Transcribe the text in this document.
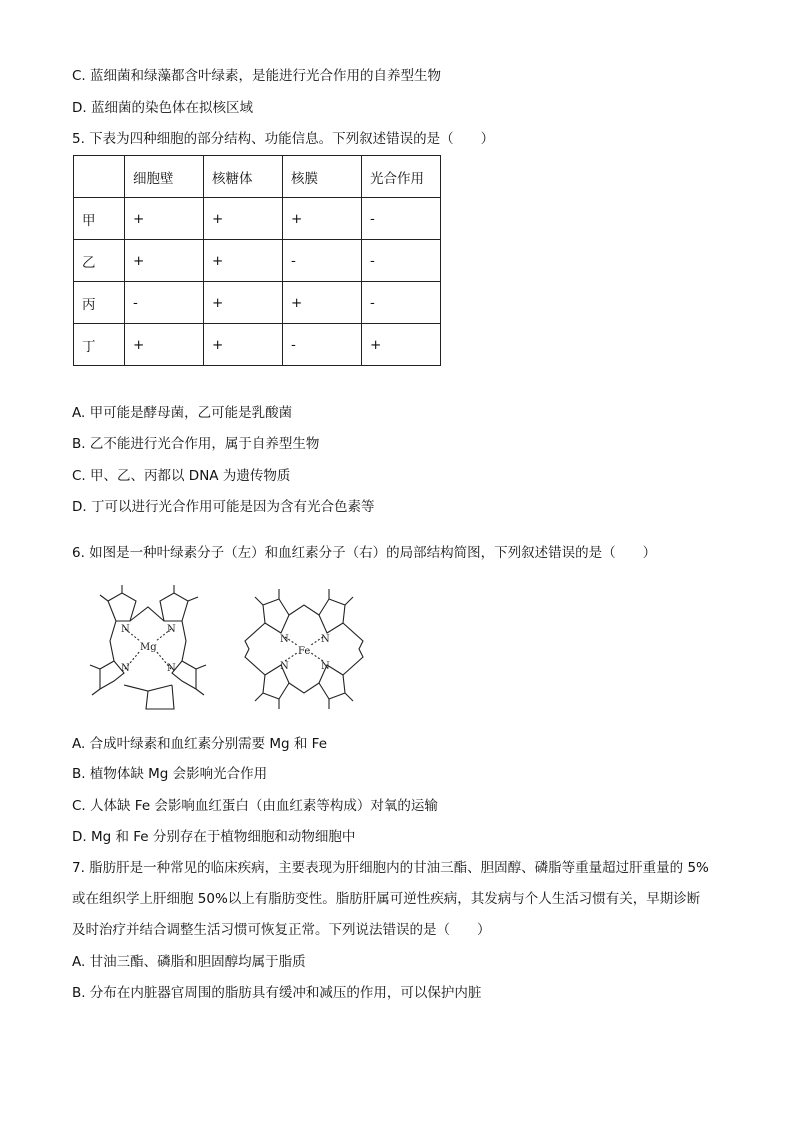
C. 蓝细菌和绿藻都含叶绿素，是能进行光合作用的自养型生物
D. 蓝细菌的染色体在拟核区域
5. 下表为四种细胞的部分结构、功能信息。下列叙述错误的是（　　）
	细胞壁	核糖体	核膜	光合作用
甲	+	+	+	-
乙	+	+	-	-
丙	-	+	+	-
丁	+	+	-	+
A. 甲可能是酵母菌，乙可能是乳酸菌
B. 乙不能进行光合作用，属于自养型生物
C. 甲、乙、丙都以 DNA 为遗传物质
D. 丁可以进行光合作用可能是因为含有光合色素等
6. 如图是一种叶绿素分子（左）和血红素分子（右）的局部结构简图，下列叙述错误的是（　　）
N	N
N	N
Mg
N	N
N	N
Fe
A. 合成叶绿素和血红素分别需要 Mg 和 Fe
B. 植物体缺 Mg 会影响光合作用
C. 人体缺 Fe 会影响血红蛋白（由血红素等构成）对氧的运输
D. Mg 和 Fe 分别存在于植物细胞和动物细胞中
7. 脂肪肝是一种常见的临床疾病，主要表现为肝细胞内的甘油三酯、胆固醇、磷脂等重量超过肝重量的 5%
或在组织学上肝细胞 50%以上有脂肪变性。脂肪肝属可逆性疾病，其发病与个人生活习惯有关，早期诊断
及时治疗并结合调整生活习惯可恢复正常。下列说法错误的是（　　）
A. 甘油三酯、磷脂和胆固醇均属于脂质
B. 分布在内脏器官周围的脂肪具有缓冲和减压的作用，可以保护内脏
